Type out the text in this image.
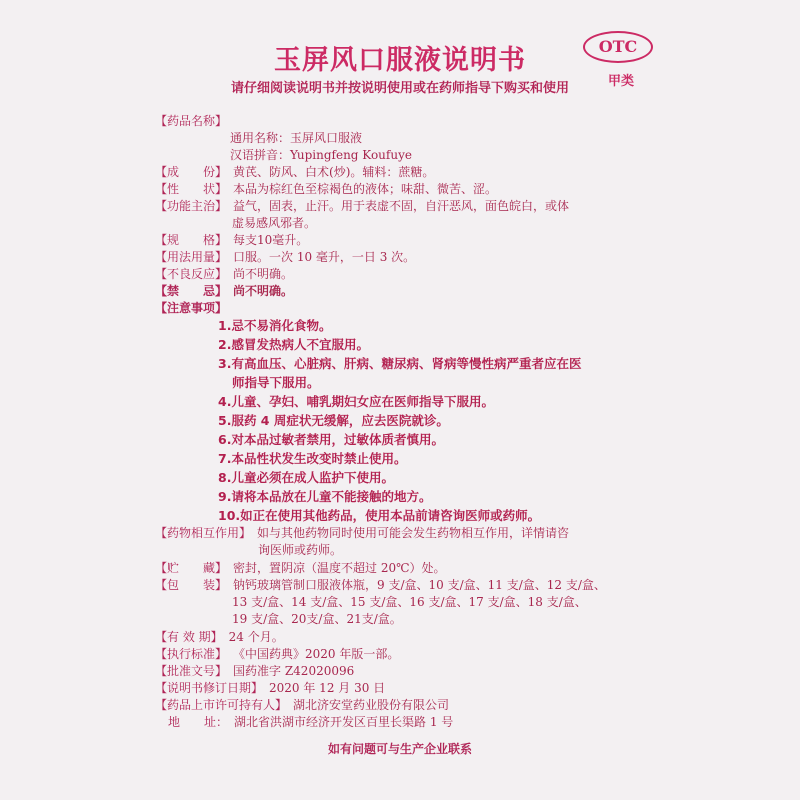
玉屏风口服液说明书	OTC
甲类
请仔细阅读说明书并按说明使用或在药师指导下购买和使用
【药品名称】
通用名称：玉屏风口服液
汉语拼音：Yupingfeng Koufuye
【成　　份】 黄芪、防风、白术(炒)。辅料：蔗糖。
【性　　状】 本品为棕红色至棕褐色的液体；味甜、微苦、涩。
【功能主治】 益气，固表，止汗。用于表虚不固，自汗恶风，面色皖白，或体
虚易感风邪者。
【规　　格】 每支10毫升。
【用法用量】 口服。一次 10 毫升，一日 3 次。
【不良反应】 尚不明确。
【禁　　忌】 尚不明确。
【注意事项】
1.忌不易消化食物。
2.感冒发热病人不宜服用。
3.有高血压、心脏病、肝病、糖尿病、肾病等慢性病严重者应在医
师指导下服用。
4.儿童、孕妇、哺乳期妇女应在医师指导下服用。
5.服药 4 周症状无缓解，应去医院就诊。
6.对本品过敏者禁用，过敏体质者慎用。
7.本品性状发生改变时禁止使用。
8.儿童必须在成人监护下使用。
9.请将本品放在儿童不能接触的地方。
10.如正在使用其他药品，使用本品前请咨询医师或药师。
【药物相互作用】 如与其他药物同时使用可能会发生药物相互作用，详情请咨
询医师或药师。
【贮　　藏】 密封，置阴凉（温度不超过 20℃）处。
【包　　装】 钠钙玻璃管制口服液体瓶，9 支/盒、10 支/盒、11 支/盒、12 支/盒、
13 支/盒、14 支/盒、15 支/盒、16 支/盒、17 支/盒、18 支/盒、
19 支/盒、20支/盒、21支/盒。
【有 效 期】 24 个月。
【执行标准】 《中国药典》2020 年版一部。
【批准文号】 国药准字 Z42020096
【说明书修订日期】 2020 年 12 月 30 日
【药品上市许可持有人】 湖北济安堂药业股份有限公司
地　　址： 湖北省洪湖市经济开发区百里长渠路 1 号
如有问题可与生产企业联系
